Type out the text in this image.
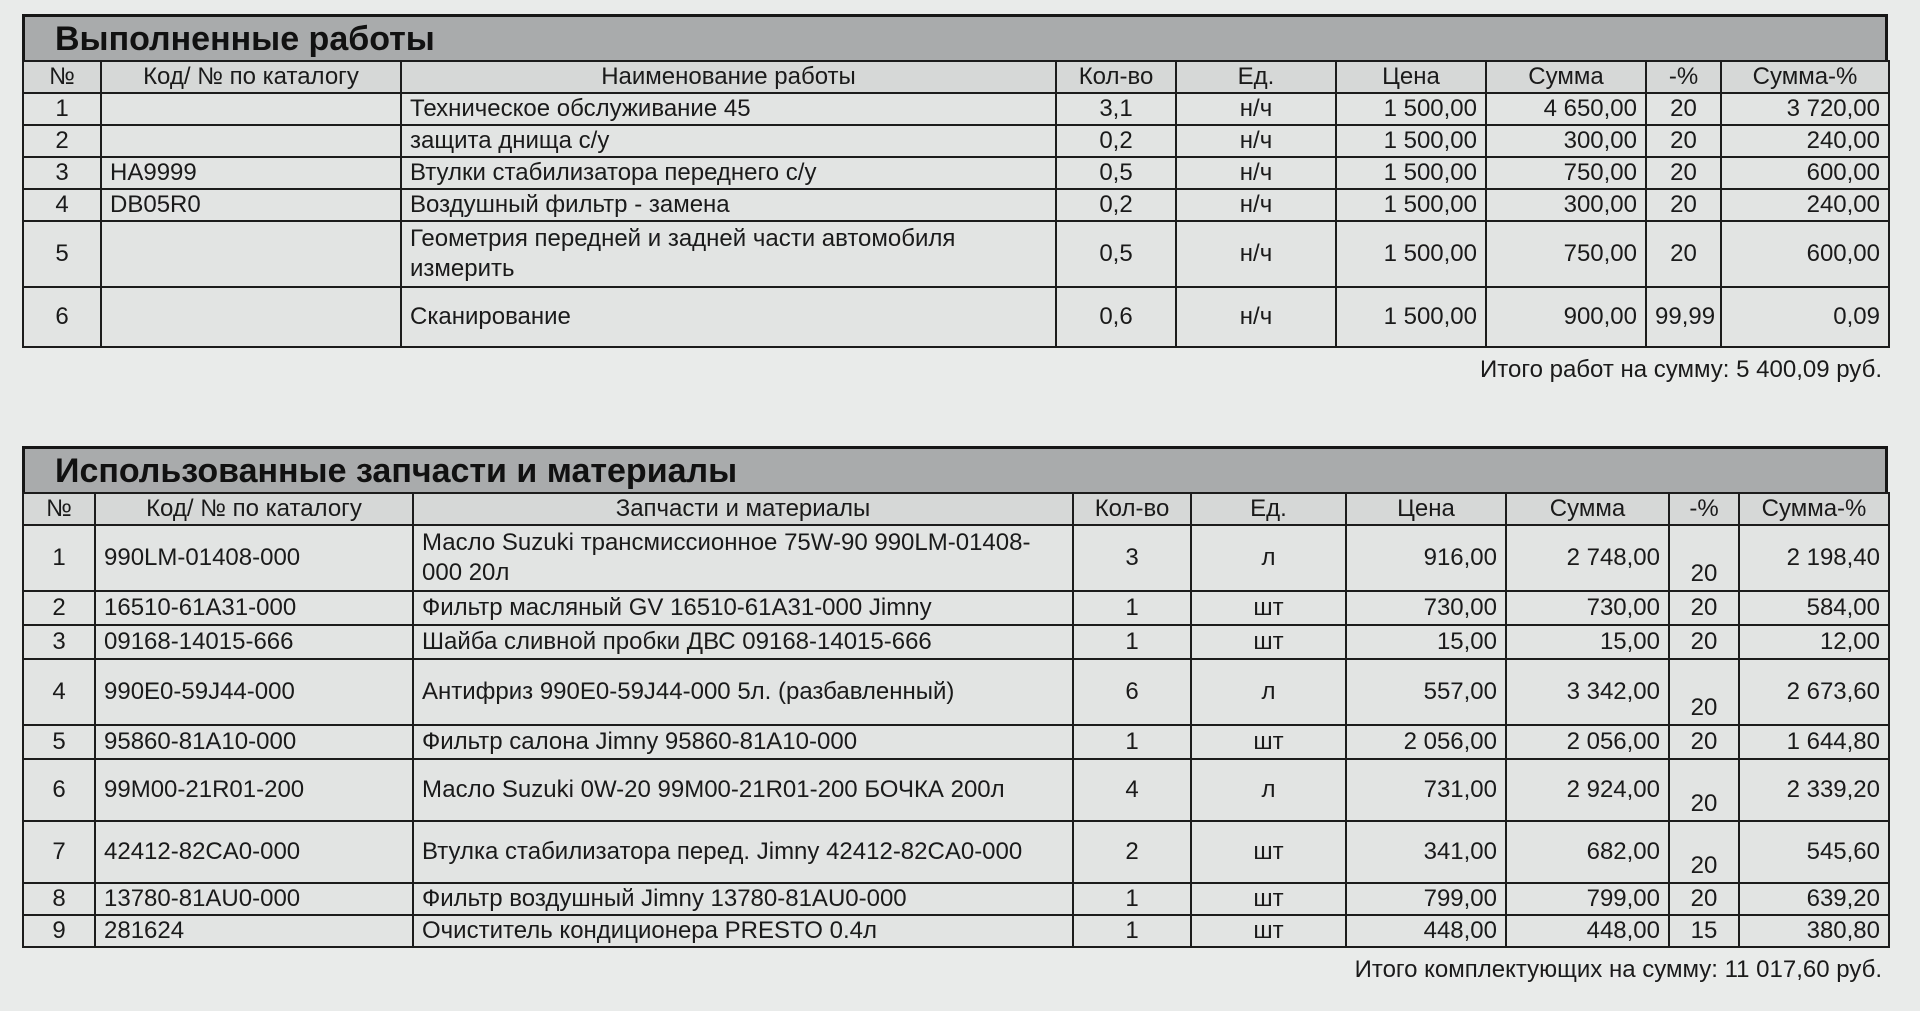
Выполненные работы
№	Код/ № по каталогу	Наименование работы	Кол-во	Ед.	Цена	Сумма	-%	Сумма-%
1		Техническое обслуживание 45	3,1	н/ч	1 500,00	4 650,00	20	3 720,00
2		защита днища с/у	0,2	н/ч	1 500,00	300,00	20	240,00
3	HA9999	Втулки стабилизатора переднего с/у	0,5	н/ч	1 500,00	750,00	20	600,00
4	DB05R0	Воздушный фильтр - замена	0,2	н/ч	1 500,00	300,00	20	240,00
5		Геометрия передней и задней части автомобиля измерить	0,5	н/ч	1 500,00	750,00	20	600,00
6		Сканирование	0,6	н/ч	1 500,00	900,00	99,99	0,09
Итого работ на сумму: 5 400,09 руб.
Использованные запчасти и материалы
№	Код/ № по каталогу	Запчасти и материалы	Кол-во	Ед.	Цена	Сумма	-%	Сумма-%
1	990LM-01408-000	Масло Suzuki трансмиссионное 75W-90 990LM-01408-000 20л	3	л	916,00	2 748,00	20	2 198,40
2	16510-61A31-000	Фильтр масляный GV 16510-61A31-000 Jimny	1	шт	730,00	730,00	20	584,00
3	09168-14015-666	Шайба сливной пробки ДВС 09168-14015-666	1	шт	15,00	15,00	20	12,00
4	990E0-59J44-000	Антифриз 990E0-59J44-000 5л. (разбавленный)	6	л	557,00	3 342,00	20	2 673,60
5	95860-81A10-000	Фильтр салона Jimny 95860-81A10-000	1	шт	2 056,00	2 056,00	20	1 644,80
6	99M00-21R01-200	Масло Suzuki 0W-20 99M00-21R01-200 БОЧКА 200л	4	л	731,00	2 924,00	20	2 339,20
7	42412-82CA0-000	Втулка стабилизатора перед. Jimny 42412-82CA0-000	2	шт	341,00	682,00	20	545,60
8	13780-81AU0-000	Фильтр воздушный Jimny 13780-81AU0-000	1	шт	799,00	799,00	20	639,20
9	281624	Очиститель кондиционера PRESTO 0.4л	1	шт	448,00	448,00	15	380,80
Итого комплектующих на сумму: 11 017,60 руб.
